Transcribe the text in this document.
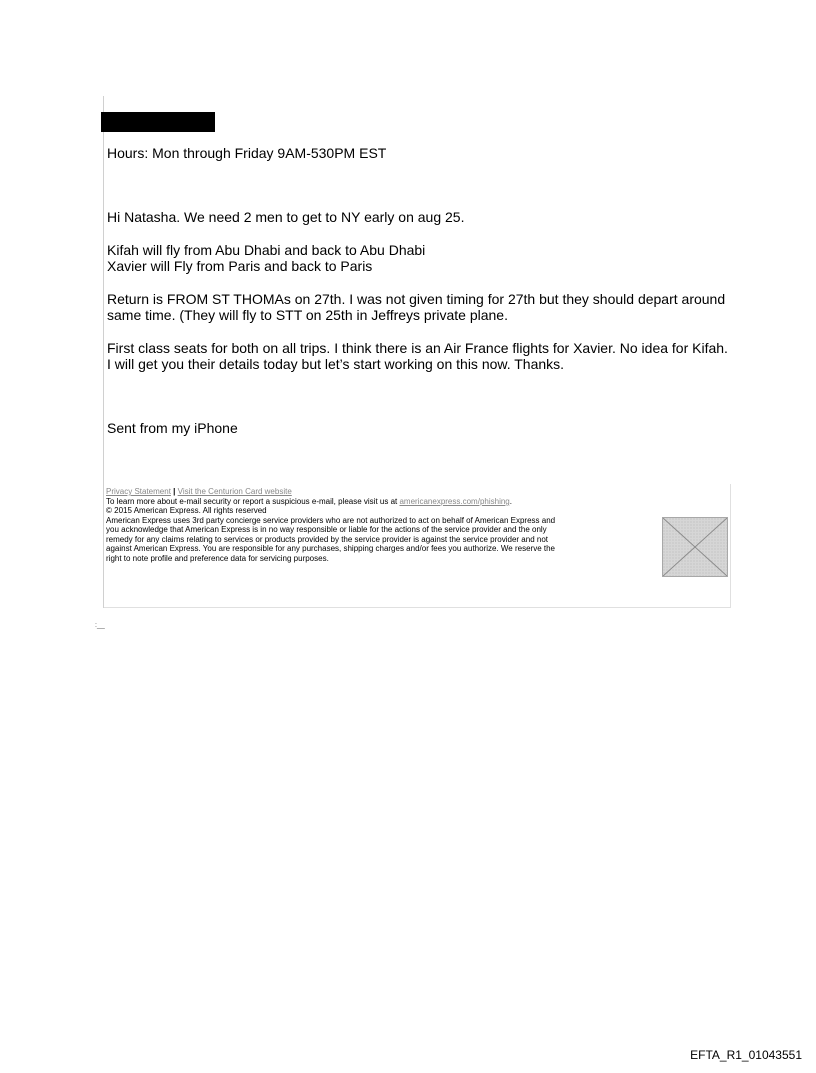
Hours: Mon through Friday 9AM-530PM EST
Hi Natasha. We need 2 men to get to NY early on aug 25.
Kifah will fly from Abu Dhabi and back to Abu Dhabi
Xavier will Fly from Paris and back to Paris
Return is FROM ST THOMAs on 27th. I was not given timing for 27th but they should depart around
same time. (They will fly to STT on 25th in Jeffreys private plane.
First class seats for both on all trips. I think there is an Air France flights for Xavier. No idea for Kifah.
I will get you their details today but let’s start working on this now. Thanks.
Sent from my iPhone
Privacy Statement | Visit the Centurion Card website
To learn more about e-mail security or report a suspicious e-mail, please visit us at americanexpress.com/phishing.
© 2015 American Express. All rights reserved
American Express uses 3rd party concierge service providers who are not authorized to act on behalf of American Express and
you acknowledge that American Express is in no way responsible or liable for the actions of the service provider and the only
remedy for any claims relating to services or products provided by the service provider is against the service provider and not
against American Express. You are responsible for any purchases, shipping charges and/or fees you authorize. We reserve the
right to note profile and preference data for servicing purposes.
:__
EFTA_R1_01043551
